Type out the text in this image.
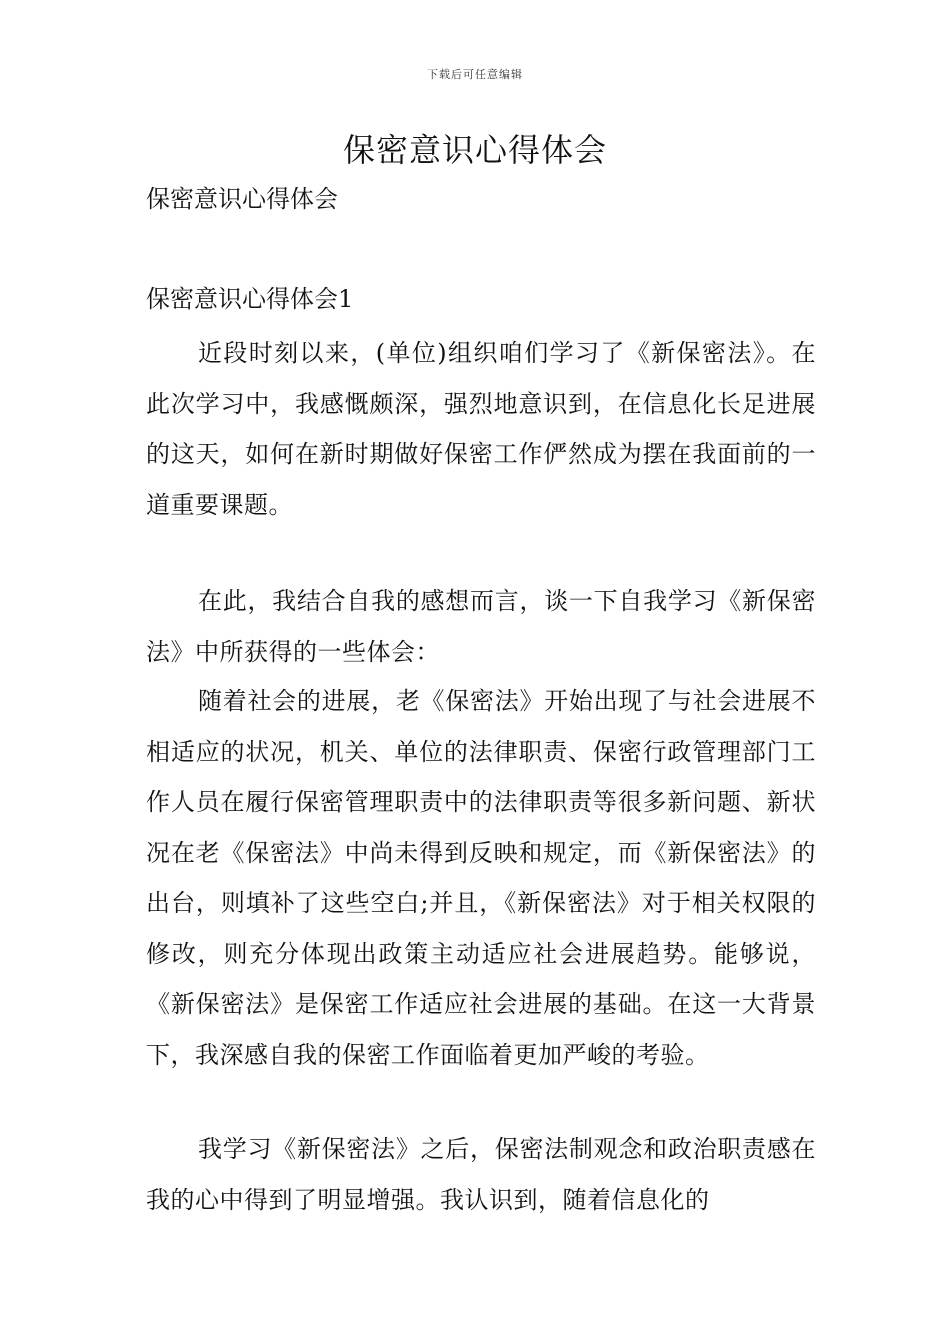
下载后可任意编辑
保密意识心得体会
保密意识心得体会
保密意识心得体会1

近段时刻以来，(单位)组织咱们学习了《新保密法》。在此次学习中，我感慨颇深，强烈地意识到，在信息化长足进展的这天，如何在新时期做好保密工作俨然成为摆在我面前的一道重要课题。

在此，我结合自我的感想而言，谈一下自我学习《新保密法》中所获得的一些体会：

随着社会的进展，老《保密法》开始出现了与社会进展不相适应的状况，机关、单位的法律职责、保密行政管理部门工作人员在履行保密管理职责中的法律职责等很多新问题、新状况在老《保密法》中尚未得到反映和规定，而《新保密法》的出台，则填补了这些空白;并且，《新保密法》对于相关权限的修改，则充分体现出政策主动适应社会进展趋势。能够说，《新保密法》是保密工作适应社会进展的基础。在这一大背景下，我深感自我的保密工作面临着更加严峻的考验。

我学习《新保密法》之后，保密法制观念和政治职责感在我的心中得到了明显增强。我认识到，随着信息化的
